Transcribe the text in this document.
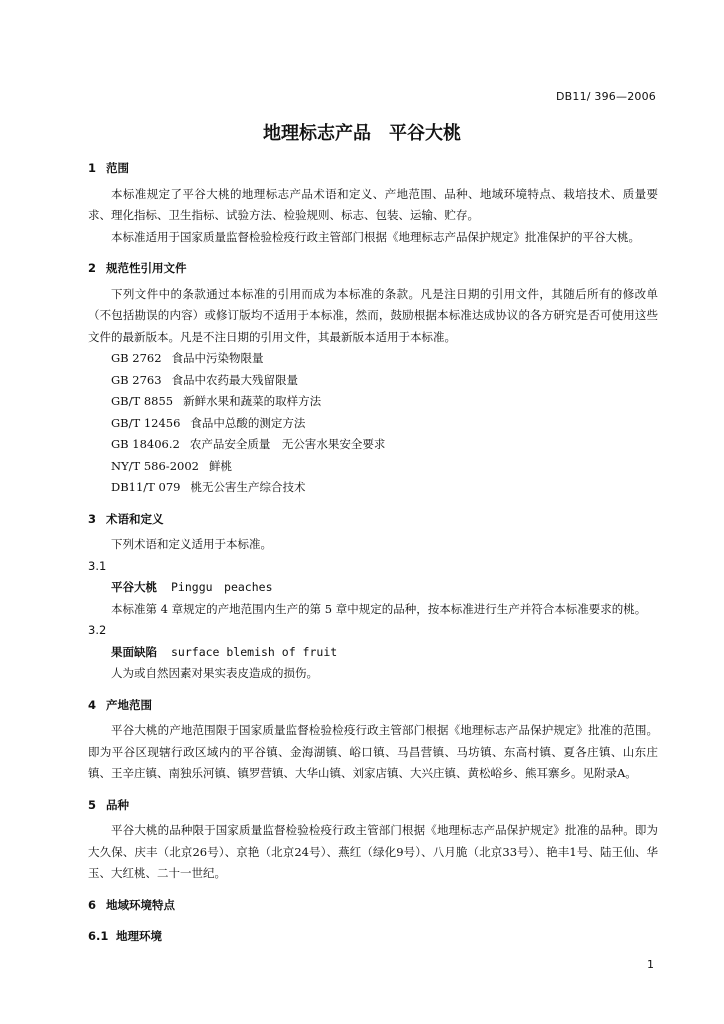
DB11/ 396—2006
地理标志产品 平谷大桃
1 范围

本标准规定了平谷大桃的地理标志产品术语和定义、产地范围、品种、地域环境特点、栽培技术、质量要求、理化指标、卫生指标、试验方法、检验规则、标志、包装、运输、贮存。

本标准适用于国家质量监督检验检疫行政主管部门根据《地理标志产品保护规定》批准保护的平谷大桃。

2 规范性引用文件

下列文件中的条款通过本标准的引用而成为本标准的条款。凡是注日期的引用文件，其随后所有的修改单（不包括勘误的内容）或修订版均不适用于本标准，然而，鼓励根据本标准达成协议的各方研究是否可使用这些文件的最新版本。凡是不注日期的引用文件，其最新版本适用于本标准。

GB 2762 食品中污染物限量
GB 2763 食品中农药最大残留限量
GB/T 8855 新鲜水果和蔬菜的取样方法
GB/T 12456 食品中总酸的测定方法
GB 18406.2 农产品安全质量　无公害水果安全要求
NY/T 586-2002 鲜桃
DB11/T 079 桃无公害生产综合技术
3 术语和定义

下列术语和定义适用于本标准。

3.1
平谷大桃 Pinggu　peaches

本标准第 4 章规定的产地范围内生产的第 5 章中规定的品种，按本标准进行生产并符合本标准要求的桃。

3.2
果面缺陷 surface blemish of fruit

人为或自然因素对果实表皮造成的损伤。

4 产地范围

平谷大桃的产地范围限于国家质量监督检验检疫行政主管部门根据《地理标志产品保护规定》批准的范围。即为平谷区现辖行政区域内的平谷镇、金海湖镇、峪口镇、马昌营镇、马坊镇、东高村镇、夏各庄镇、山东庄镇、王辛庄镇、南独乐河镇、镇罗营镇、大华山镇、刘家店镇、大兴庄镇、黄松峪乡、熊耳寨乡。见附录A。

5 品种

平谷大桃的品种限于国家质量监督检验检疫行政主管部门根据《地理标志产品保护规定》批准的品种。即为大久保、庆丰（北京26号）、京艳（北京24号）、燕红（绿化9号）、八月脆（北京33号）、艳丰1号、陆王仙、华玉、大红桃、二十一世纪。

6 地域环境特点
6.1 地理环境
1
